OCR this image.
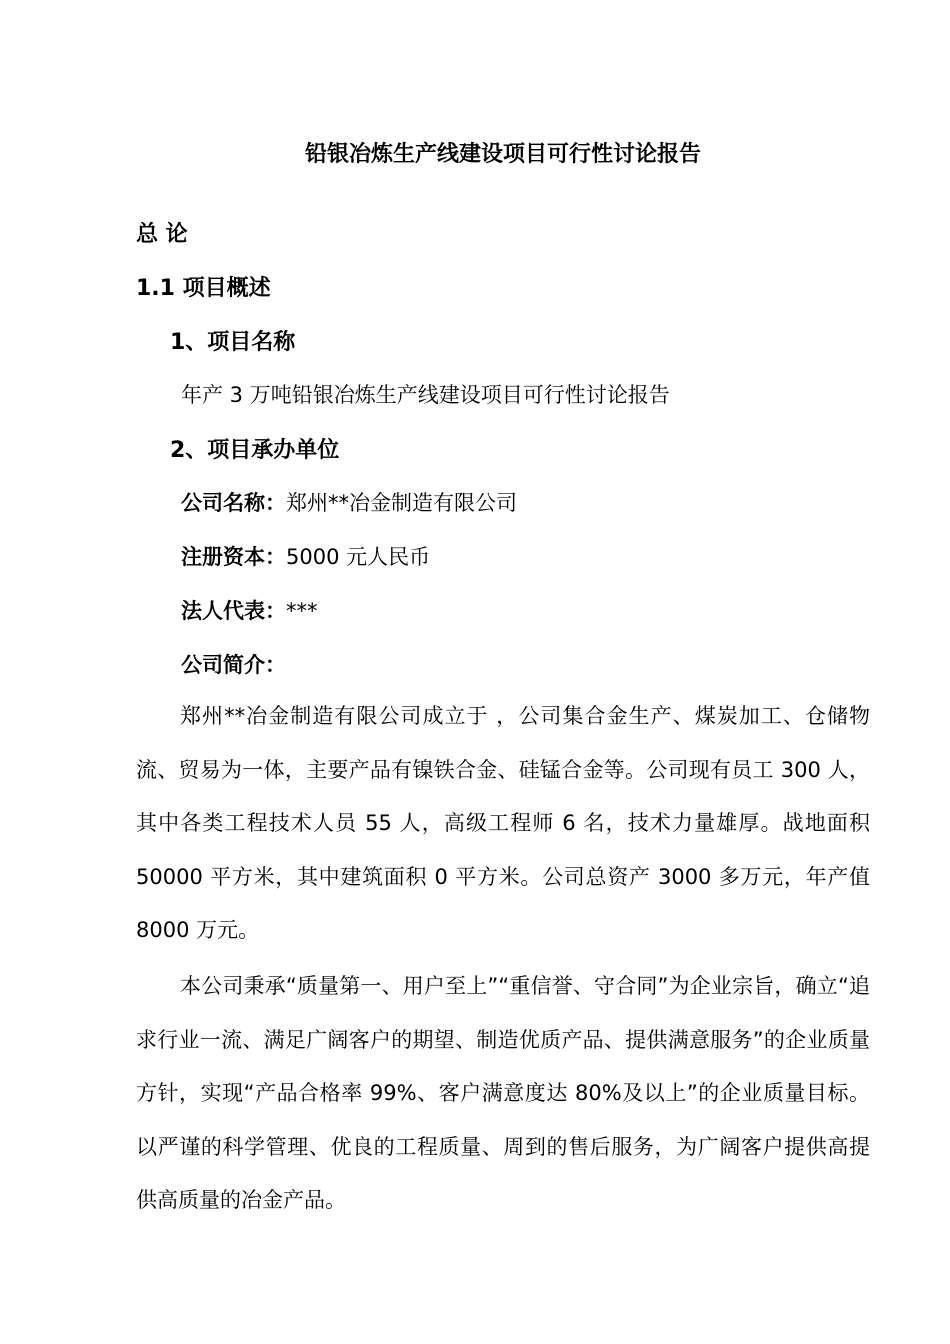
铅银冶炼生产线建设项目可行性讨论报告
总 论
1.1 项目概述
1、项目名称
年产 3 万吨铅银冶炼生产线建设项目可行性讨论报告
2、项目承办单位
公司名称：郑州**冶金制造有限公司
注册资本：5000 元人民币
法人代表：***
公司简介：

郑州**冶金制造有限公司成立于 ，公司集合金生产、煤炭加工、仓储物流、贸易为一体，主要产品有镍铁合金、硅锰合金等。公司现有员工 300 人，其中各类工程技术人员 55 人，高级工程师 6 名，技术力量雄厚。战地面积 50000 平方米，其中建筑面积 0 平方米。公司总资产 3000 多万元，年产值 8000 万元。

本公司秉承“质量第一、用户至上”“重信誉、守合同”为企业宗旨，确立“追求行业一流、满足广阔客户的期望、制造优质产品、提供满意服务”的企业质量方针，实现“产品合格率 99%、客户满意度达 80%及以上”的企业质量目标。以严谨的科学管理、优良的工程质量、周到的售后服务，为广阔客户提供高提供高质量的冶金产品。
